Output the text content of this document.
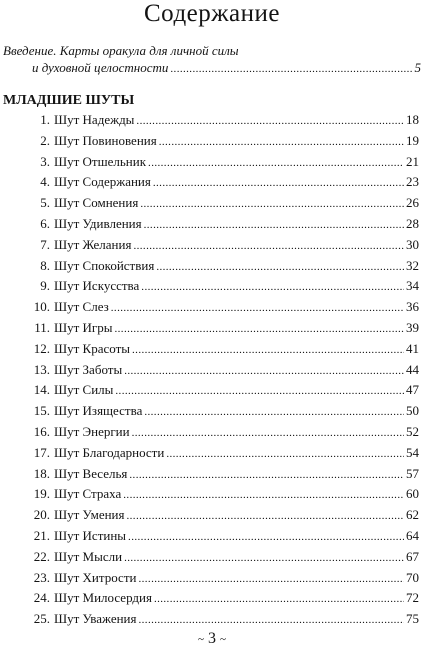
Содержание
Введение. Карты оракула для личной силы
и духовной целостности .....	5
МЛАДШИЕ ШУТЫ
1. Шут Надежды .....	18
2. Шут Повиновения .....	19
3. Шут Отшельник .....	21
4. Шут Содержания .....	23
5. Шут Сомнения .....	26
6. Шут Удивления .....	28
7. Шут Желания .....	30
8. Шут Спокойствия .....	32
9. Шут Искусства .....	34
10. Шут Слез .....	36
11. Шут Игры .....	39
12. Шут Красоты .....	41
13. Шут Заботы .....	44
14. Шут Силы .....	47
15. Шут Изящества .....	50
16. Шут Энергии .....	52
17. Шут Благодарности .....	54
18. Шут Веселья .....	57
19. Шут Страха .....	60
20. Шут Умения .....	62
21. Шут Истины .....	64
22. Шут Мысли .....	67
23. Шут Хитрости .....	70
24. Шут Милосердия .....	72
25. Шут Уважения .....	75
~ 3 ~
